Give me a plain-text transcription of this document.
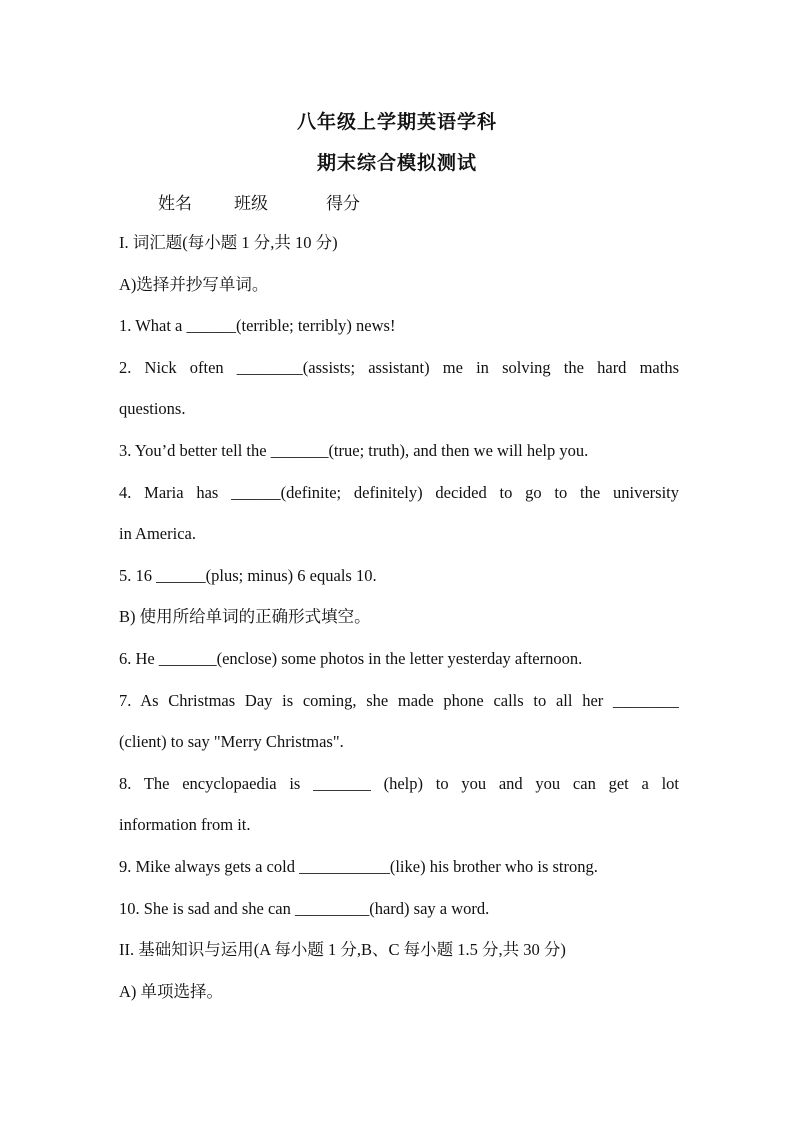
八年级上学期英语学科
期末综合模拟测试
姓名 班级	得分
I. 词汇题(每小题 1 分,共 10 分)
A)选择并抄写单词。
1. What a ______(terrible; terribly) news!
2. Nick often ________(assists; assistant) me in solving the hard maths
questions.
3. You’d better tell the _______(true; truth), and then we will help you.
4. Maria has ______(definite; definitely) decided to go to the university
in America.
5. 16 ______(plus; minus) 6 equals 10.
B) 使用所给单词的正确形式填空。
6. He _______(enclose) some photos in the letter yesterday afternoon.
7. As Christmas Day is coming, she made phone calls to all her ________
(client) to say "Merry Christmas".
8. The encyclopaedia is _______ (help) to you and you can get a lot
information from it.
9. Mike always gets a cold ___________(like) his brother who is strong.
10. She is sad and she can _________(hard) say a word.
II. 基础知识与运用(A 每小题 1 分,B、C 每小题 1.5 分,共 30 分)
A) 单项选择。
